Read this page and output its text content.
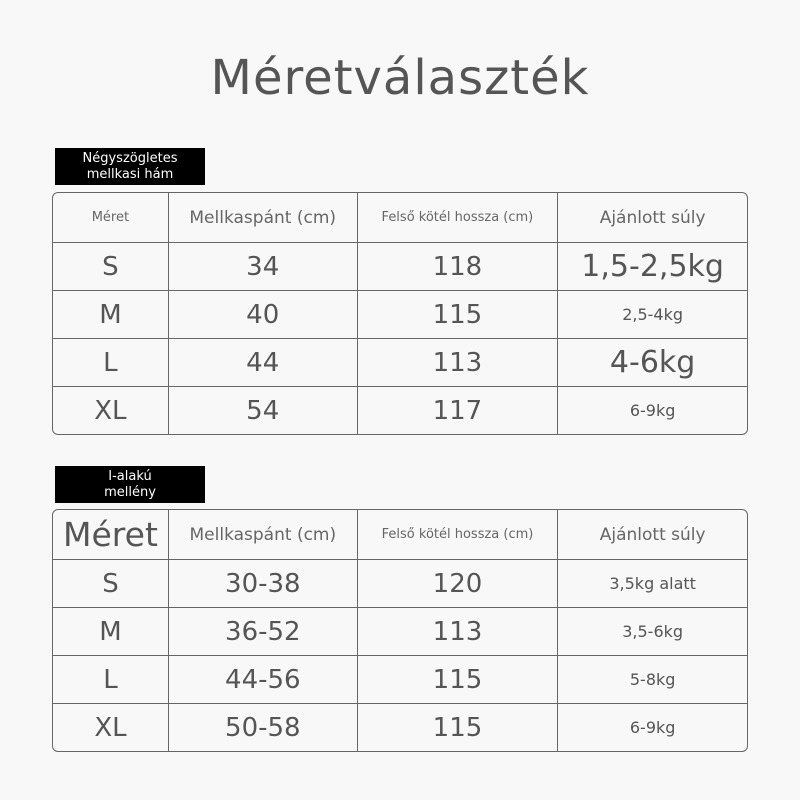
Méretválaszték
Négyszögletes
mellkasi hám
Méret	Mellkaspánt (cm)	Felső kötél hossza (cm)	Ajánlott súly
S	34	118	1,5-2,5kg
M	40	115	2,5-4kg
L	44	113	4-6kg
XL	54	117	6-9kg
I-alakú
mellény
Méret	Mellkaspánt (cm)	Felső kötél hossza (cm)	Ajánlott súly
S	30-38	120	3,5kg alatt
M	36-52	113	3,5-6kg
L	44-56	115	5-8kg
XL	50-58	115	6-9kg
